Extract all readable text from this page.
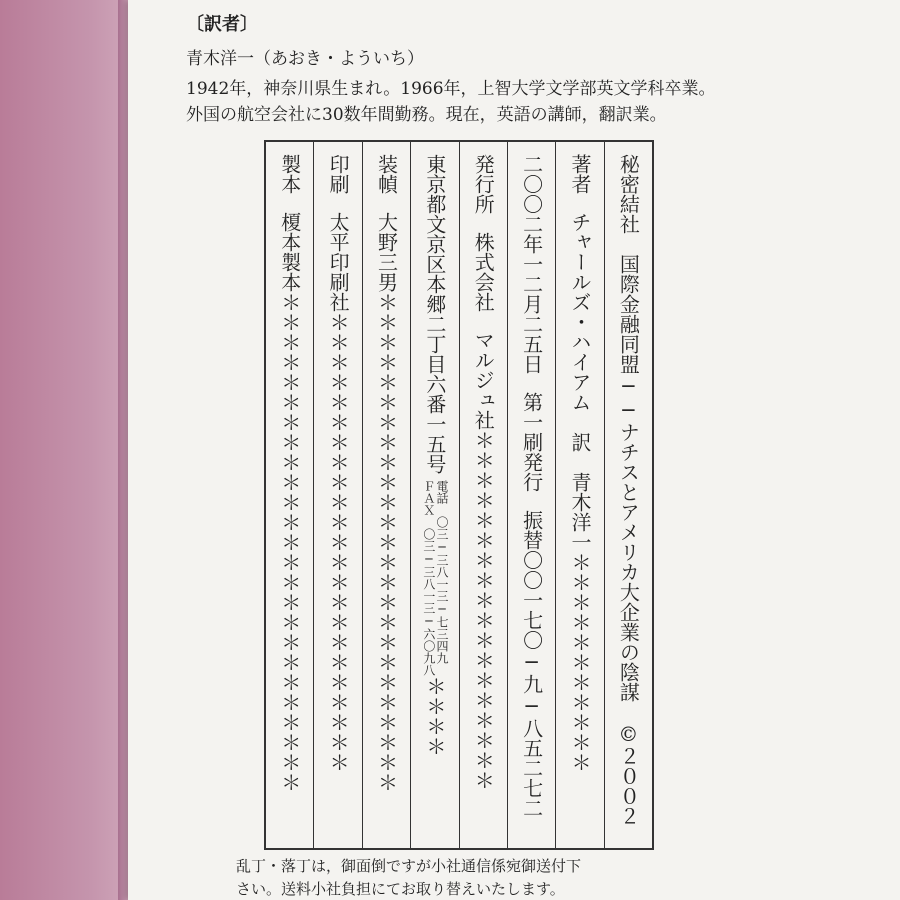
〔訳者〕
青木洋一（あおき・よういち）
1942年，神奈川県生まれ。1966年，上智大学文学部英文学科卒業。
外国の航空会社に30数年間勤務。現在，英語の講師，翻訳業。
秘密結社　国際金融同盟──ナチスとアメリカ大企業の陰謀　©２００２
著者
チャールズ・ハイアム　訳　青木洋一＊＊＊＊＊＊＊＊＊＊＊
二〇〇二年一二月二五日
第一刷発行
振替〇〇一七〇─九─八五二七二
発行所
株式会社
マルジュ社＊＊＊＊＊＊＊＊＊＊＊＊＊＊＊＊＊＊
東京都文京区本郷二丁目六番一五号
電話　〇三─三八一三─七三四九
ＦＡＸ　〇三─三八一三─六〇九八
＊＊＊＊
装幀
大野三男＊＊＊＊＊＊＊＊＊＊＊＊＊＊＊＊＊＊＊＊＊＊＊＊＊
印刷
太平印刷社＊＊＊＊＊＊＊＊＊＊＊＊＊＊＊＊＊＊＊＊＊＊＊
製本
榎本製本＊＊＊＊＊＊＊＊＊＊＊＊＊＊＊＊＊＊＊＊＊＊＊＊＊
乱丁・落丁は，御面倒ですが小社通信係宛御送付下
さい。送料小社負担にてお取り替えいたします。
